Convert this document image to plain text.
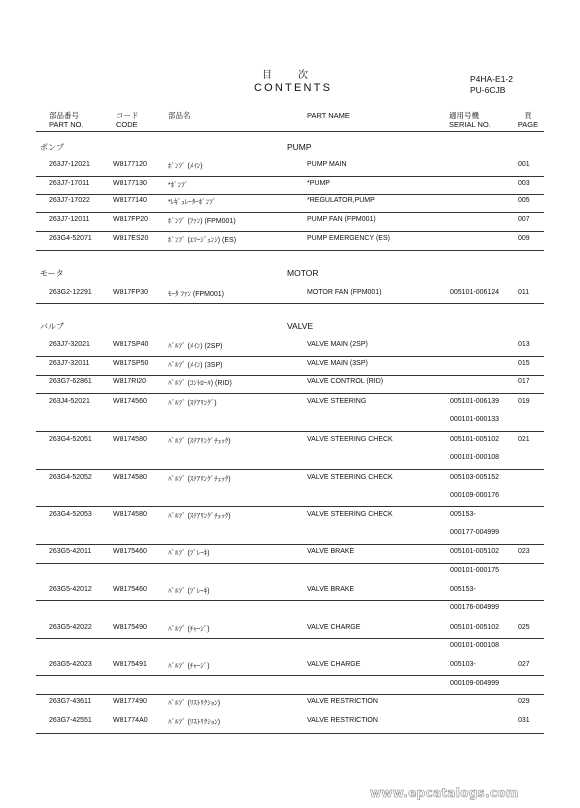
目次
CONTENTS
P4HA-E1-2
PU-6CJB
部品番号
PART NO.
コード
CODE
部品名	PART NAME	適用号機
SERIAL NO.
頁
PAGE
ポンプ	PUMP
モータ	MOTOR
バルブ	VALVE
263J7-12021	W8177120	ﾎﾟﾝﾌﾟ (ﾒｲﾝ)	PUMP MAIN	001
263J7-17011	W8177130	*ﾎﾟﾝﾌﾟ	*PUMP	003
263J7-17022	W8177140	*ﾚｷﾞｭﾚｰﾀｰﾎﾟﾝﾌﾟ	*REGULATOR,PUMP	005
263J7-12011	W817FP20	ﾎﾟﾝﾌﾟ (ﾌｧﾝ) (FPM001)	PUMP FAN (FPM001)	007
263G4-52071	W817ES20	ﾎﾟﾝﾌﾟ (ｴﾏｰｼﾞｪﾝｼ) (ES)	PUMP EMERGENCY (ES)	009
263G2-12291	W817FP30	ﾓｰﾀ ﾌｧﾝ (FPM001)	MOTOR FAN (FPM001)	005101-006124	011
263J7-32021	W817SP40	ﾊﾞﾙﾌﾞ (ﾒｲﾝ) (2SP)	VALVE MAIN (2SP)	013
263J7-32011	W817SP50	ﾊﾞﾙﾌﾞ (ﾒｲﾝ) (3SP)	VALVE MAIN (3SP)	015
263G7-62861	W817RI20	ﾊﾞﾙﾌﾞ (ｺﾝﾄﾛｰﾙ) (RID)	VALVE CONTROL (RID)	017
263J4-52021	W8174560	ﾊﾞﾙﾌﾞ (ｽﾃｱﾘﾝｸﾞ)	VALVE STEERING	005101-006139	019
000101-000133
263G4-52051	W8174580	ﾊﾞﾙﾌﾞ (ｽﾃｱﾘﾝｸﾞﾁｪｯｸ)	VALVE STEERING CHECK	005101-005102	021
000101-000108
263G4-52052	W8174580	ﾊﾞﾙﾌﾞ (ｽﾃｱﾘﾝｸﾞﾁｪｯｸ)	VALVE STEERING CHECK	005103-005152
000109-000176
263G4-52053	W8174580	ﾊﾞﾙﾌﾞ (ｽﾃｱﾘﾝｸﾞﾁｪｯｸ)	VALVE STEERING CHECK	005153-
000177-004999
263G5-42011	W8175460	ﾊﾞﾙﾌﾞ (ﾌﾞﾚｰｷ)	VALVE BRAKE	005101-005102	023
000101-000175
263G5-42012	W8175460	ﾊﾞﾙﾌﾞ (ﾌﾞﾚｰｷ)	VALVE BRAKE	005153-
000176-004999
263G5-42022	W8175490	ﾊﾞﾙﾌﾞ (ﾁｬｰｼﾞ)	VALVE CHARGE	005101-005102	025
000101-000108
263G5-42023	W8175491	ﾊﾞﾙﾌﾞ (ﾁｬｰｼﾞ)	VALVE CHARGE	005103-	027
000109-004999
263G7-43611	W8177490	ﾊﾞﾙﾌﾞ (ﾘｽﾄﾘｸｼｮﾝ)	VALVE RESTRICTION	029
263G7-42551	W81774A0	ﾊﾞﾙﾌﾞ (ﾘｽﾄﾘｸｼｮﾝ)	VALVE RESTRICTION	031
www.epcatalogs.com
